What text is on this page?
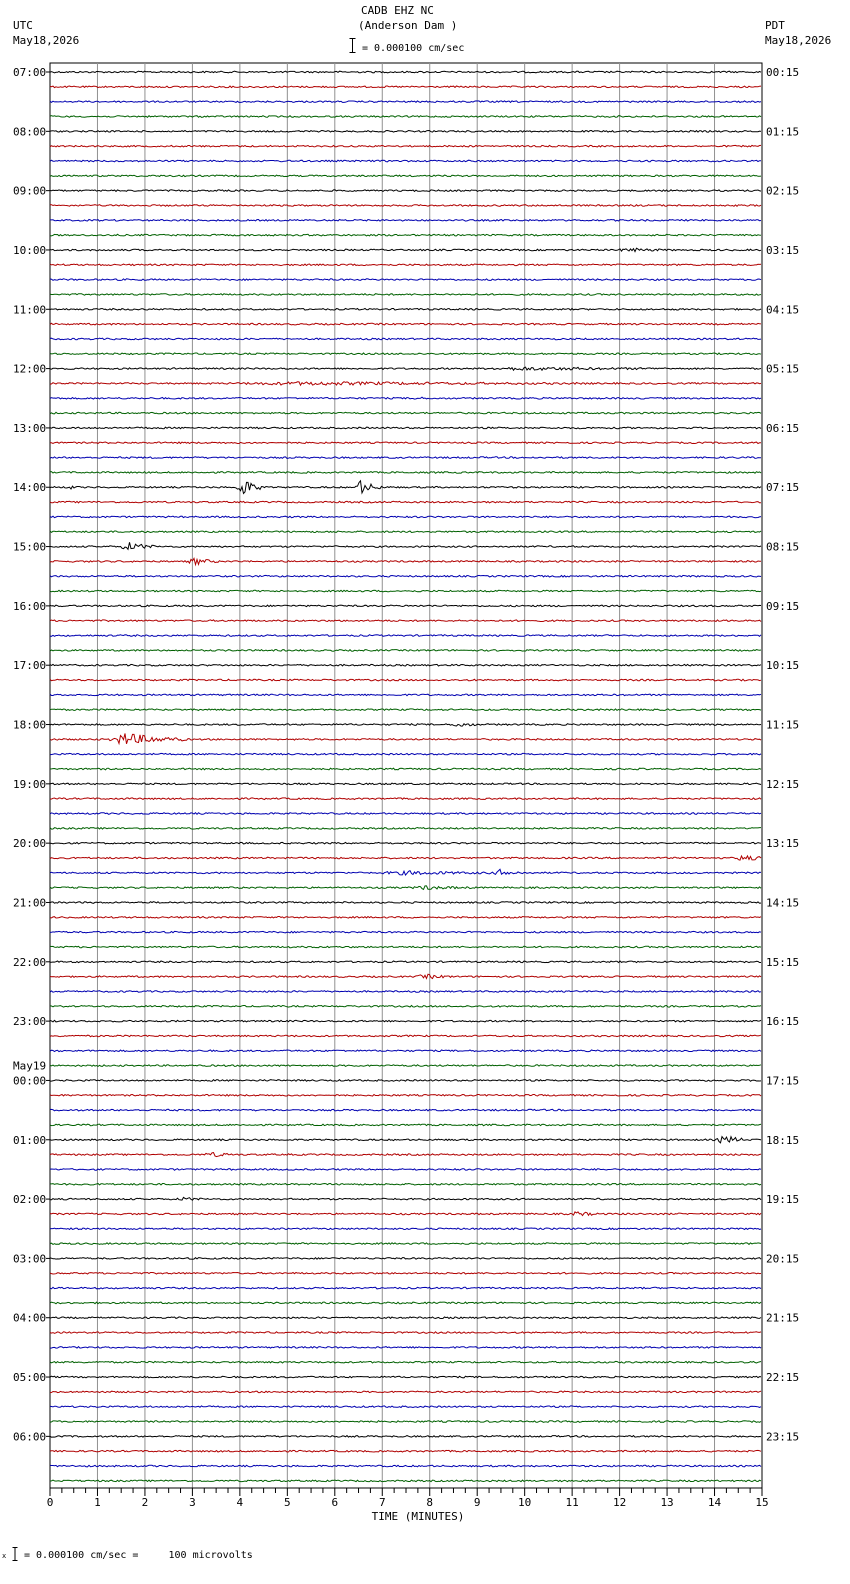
CADB EHZ NC
(Anderson Dam )
UTC
May18,2026
PDT
May18,2026
= 0.000100 cm/sec
07:00
08:00
09:00
10:00
11:00
12:00
13:00
14:00
15:00
16:00
17:00
18:00
19:00
20:00
21:00
22:00
23:00
00:00
01:00
02:00
03:00
04:00
05:00
06:00
May19
00:15
01:15
02:15
03:15
04:15
05:15
06:15
07:15
08:15
09:15
10:15
11:15
12:15
13:15
14:15
15:15
16:15
17:15
18:15
19:15
20:15
21:15
22:15
23:15
0	1	2	3	4	5	6	7	8	9	10	11	12	13	14	15
TIME (MINUTES)
x = 0.000100 cm/sec =     100 microvolts
